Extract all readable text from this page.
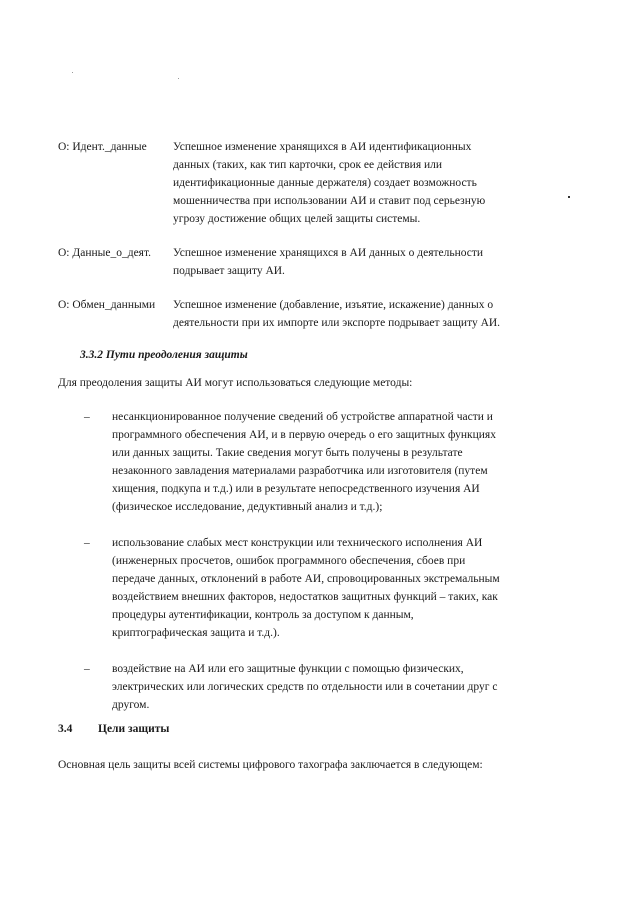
О: Идент._данные	Успешное изменение хранящихся в АИ идентификационных
данных (таких, как тип карточки, срок ее действия или
идентификационные данные держателя) создает возможность
мошенничества при использовании АИ и ставит под серьезную
угрозу достижение общих целей защиты системы.
О: Данные_о_деят.	Успешное изменение хранящихся в АИ данных о деятельности
подрывает защиту АИ.
О: Обмен_данными	Успешное изменение (добавление, изъятие, искажение) данных о
деятельности при их импорте или экспорте подрывает защиту АИ.
3.3.2 Пути преодоления защиты
Для преодоления защиты АИ могут использоваться следующие методы:
–	несанкционированное получение сведений об устройстве аппаратной части и
программного обеспечения АИ, и в первую очередь о его защитных функциях
или данных защиты. Такие сведения могут быть получены в результате
незаконного завладения материалами разработчика или изготовителя (путем
хищения, подкупа и т.д.) или в результате непосредственного изучения АИ
(физическое исследование, дедуктивный анализ и т.д.);
–	использование слабых мест конструкции или технического исполнения АИ
(инженерных просчетов, ошибок программного обеспечения, сбоев при
передаче данных, отклонений в работе АИ, спровоцированных экстремальным
воздействием внешних факторов, недостатков защитных функций – таких, как
процедуры аутентификации, контроль за доступом к данным,
криптографическая защита и т.д.).
–	воздействие на АИ или его защитные функции с помощью физических,
электрических или логических средств по отдельности или в сочетании друг с
другом.
3.4	Цели защиты
Основная цель защиты всей системы цифрового тахографа заключается в следующем:
